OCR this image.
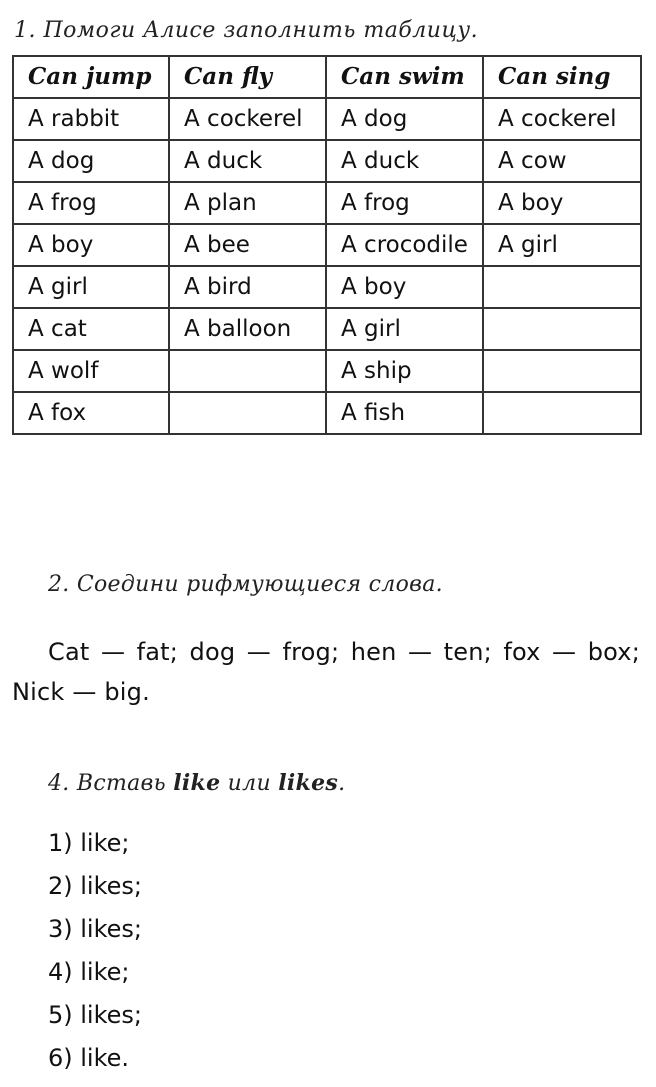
1. Помоги Алисе заполнить таблицу.
Can jump	Can fly	Can swim	Can sing
A rabbit	A cockerel	A dog	A cockerel
A dog	A duck	A duck	A cow
A frog	A plan	A frog	A boy
A boy	A bee	A crocodile	A girl
A girl	A bird	A boy	
A cat	A balloon	A girl	
A wolf		A ship	
A fox		A fish	
2. Соедини рифмующиеся слова.
Cat — fat; dog — frog; hen — ten; fox — box; Nick — big.
4. Вставь like или likes.
1) like;
2) likes;
3) likes;
4) like;
5) likes;
6) like.
